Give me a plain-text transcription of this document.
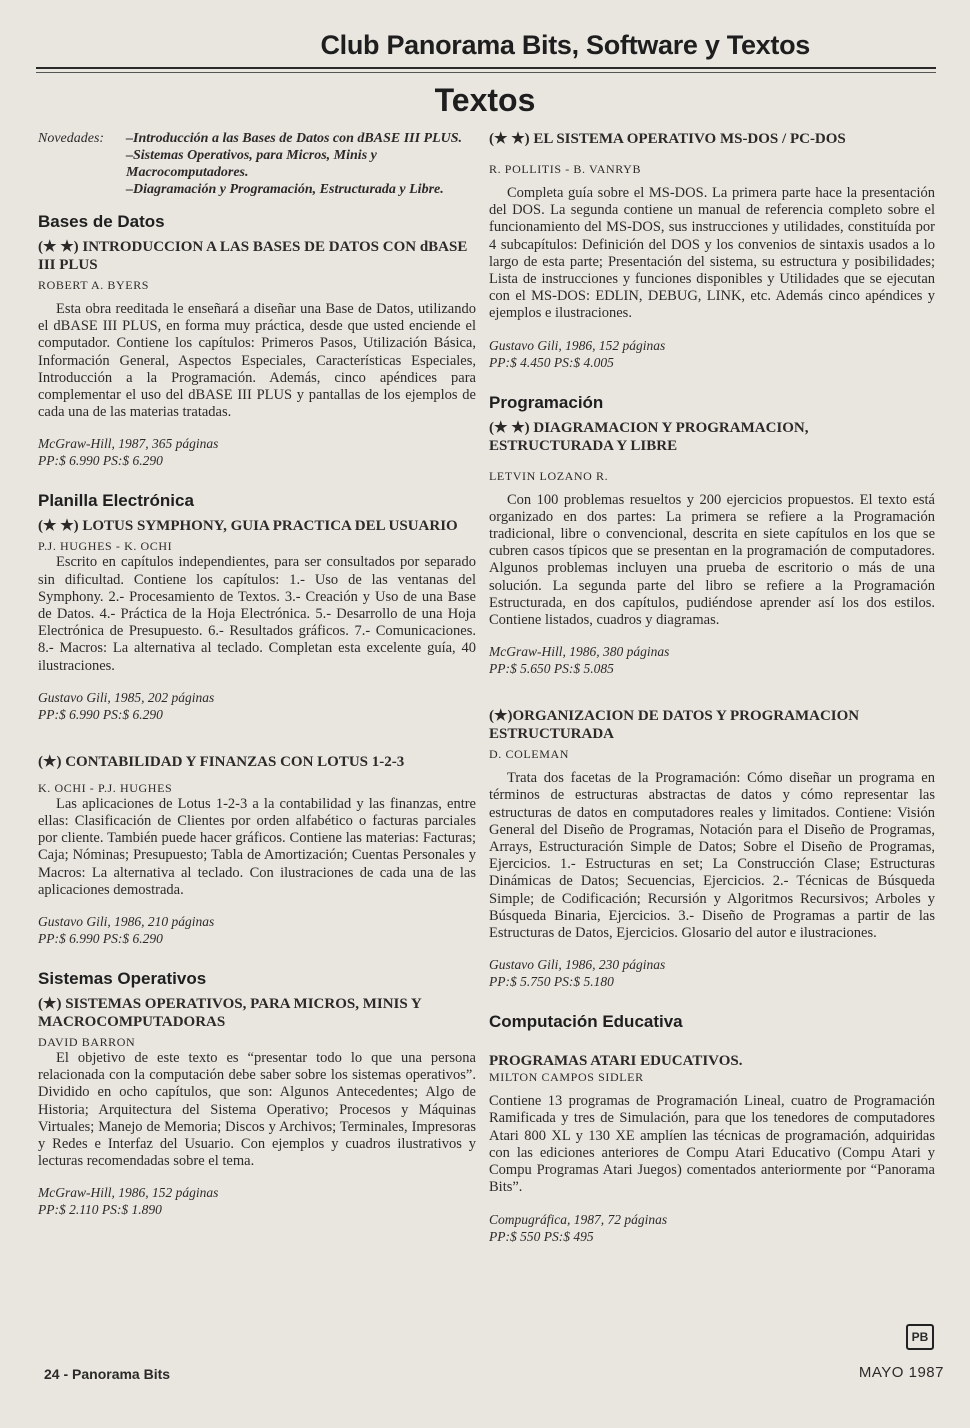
Club Panorama Bits, Software y Textos
Textos
Novedades:	–Introducción a las Bases de Datos con dBASE III PLUS.
–Sistemas Operativos, para Micros, Minis y Macrocomputadores.
–Diagramación y Programación, Estructurada y Libre.
Bases de Datos
(★ ★) INTRODUCCION A LAS BASES DE DATOS CON dBASE III PLUS
ROBERT A. BYERS

Esta obra reeditada le enseñará a diseñar una Base de Datos, utilizando el dBASE III PLUS, en forma muy práctica, desde que usted enciende el computador. Contiene los capítulos: Primeros Pasos, Utilización Básica, Información General, Aspectos Especiales, Características Especiales, Introducción a la Programación. Además, cinco apéndices para complementar el uso del dBASE III PLUS y pantallas de los ejemplos de cada una de las materias tratadas.

McGraw-Hill, 1987, 365 páginas
PP:$ 6.990 PS:$ 6.290
Planilla Electrónica
(★ ★) LOTUS SYMPHONY, GUIA PRACTICA DEL USUARIO
P.J. HUGHES - K. OCHI

Escrito en capítulos independientes, para ser consultados por separado sin dificultad. Contiene los capítulos: 1.- Uso de las ventanas del Symphony. 2.- Procesamiento de Textos. 3.- Creación y Uso de una Base de Datos. 4.- Práctica de la Hoja Electrónica. 5.- Desarrollo de una Hoja Electrónica de Presupuesto. 6.- Resultados gráficos. 7.- Comunicaciones. 8.- Macros: La alternativa al teclado. Completan esta excelente guía, 40 ilustraciones.

Gustavo Gili, 1985, 202 páginas
PP:$ 6.990 PS:$ 6.290
(★) CONTABILIDAD Y FINANZAS CON LOTUS 1-2-3
K. OCHI - P.J. HUGHES

Las aplicaciones de Lotus 1-2-3 a la contabilidad y las finanzas, entre ellas: Clasificación de Clientes por orden alfabético o facturas parciales por cliente. También puede hacer gráficos. Contiene las materias: Facturas; Caja; Nóminas; Presupuesto; Tabla de Amortización; Cuentas Personales y Macros: La alternativa al teclado. Con ilustraciones de cada una de las aplicaciones demostrada.

Gustavo Gili, 1986, 210 páginas
PP:$ 6.990 PS:$ 6.290
Sistemas Operativos
(★) SISTEMAS OPERATIVOS, PARA MICROS, MINIS Y MACROCOMPUTADORAS
DAVID BARRON

El objetivo de este texto es “presentar todo lo que una persona relacionada con la computación debe saber sobre los sistemas operativos”. Dividido en ocho capítulos, que son: Algunos Antecedentes; Algo de Historia; Arquitectura del Sistema Operativo; Procesos y Máquinas Virtuales; Manejo de Memoria; Discos y Archivos; Terminales, Impresoras y Redes e Interfaz del Usuario. Con ejemplos y cuadros ilustrativos y lecturas recomendadas sobre el tema.

McGraw-Hill, 1986, 152 páginas
PP:$ 2.110 PS:$ 1.890
(★ ★) EL SISTEMA OPERATIVO MS-DOS / PC-DOS
R. POLLITIS - B. VANRYB

Completa guía sobre el MS-DOS. La primera parte hace la presentación del DOS. La segunda contiene un manual de referencia completo sobre el funcionamiento del MS-DOS, sus instrucciones y utilidades, constituída por 4 subcapítulos: Definición del DOS y los convenios de sintaxis usados a lo largo de esta parte; Presentación del sistema, su estructura y posibilidades; Lista de instrucciones y funciones disponibles y Utilidades que se ejecutan con el MS-DOS: EDLIN, DEBUG, LINK, etc. Además cinco apéndices y ejemplos e ilustraciones.

Gustavo Gili, 1986, 152 páginas
PP:$ 4.450 PS:$ 4.005
Programación
(★ ★) DIAGRAMACION Y PROGRAMACION, ESTRUCTURADA Y LIBRE
LETVIN LOZANO R.

Con 100 problemas resueltos y 200 ejercicios propuestos. El texto está organizado en dos partes: La primera se refiere a la Programación tradicional, libre o convencional, descrita en siete capítulos en los que se cubren casos típicos que se presentan en la programación de computadores. Algunos problemas incluyen una prueba de escritorio o más de una solución. La segunda parte del libro se refiere a la Programación Estructurada, en dos capítulos, pudiéndose aprender así los dos estilos. Contiene listados, cuadros y diagramas.

McGraw-Hill, 1986, 380 páginas
PP:$ 5.650 PS:$ 5.085
(★)ORGANIZACION DE DATOS Y PROGRAMACION ESTRUCTURADA
D. COLEMAN

Trata dos facetas de la Programación: Cómo diseñar un programa en términos de estructuras abstractas de datos y cómo representar las estructuras de datos en computadores reales y limitados. Contiene: Visión General del Diseño de Programas, Notación para el Diseño de Programas, Arrays, Estructuración Simple de Datos; Sobre el Diseño de Programas, Ejercicios. 1.- Estructuras en set; La Construcción Clase; Estructuras Dinámicas de Datos; Secuencias, Ejercicios. 2.- Técnicas de Búsqueda Simple; de Codificación; Recursión y Algoritmos Recursivos; Arboles y Búsqueda Binaria, Ejercicios. 3.- Diseño de Programas a partir de las Estructuras de Datos, Ejercicios. Glosario del autor e ilustraciones.

Gustavo Gili, 1986, 230 páginas
PP:$ 5.750 PS:$ 5.180
Computación Educativa
PROGRAMAS ATARI EDUCATIVOS.
MILTON CAMPOS SIDLER

Contiene 13 programas de Programación Lineal, cuatro de Programación Ramificada y tres de Simulación, para que los tenedores de computadores Atari 800 XL y 130 XE amplíen las técnicas de programación, adquiridas con las ediciones anteriores de Compu Atari Educativo (Compu Atari y Compu Programas Atari Juegos) comentados anteriormente por “Panorama Bits”.

Compugráfica, 1987, 72 páginas
PP:$ 550 PS:$ 495
PB
24 - Panorama Bits	MAYO 1987
